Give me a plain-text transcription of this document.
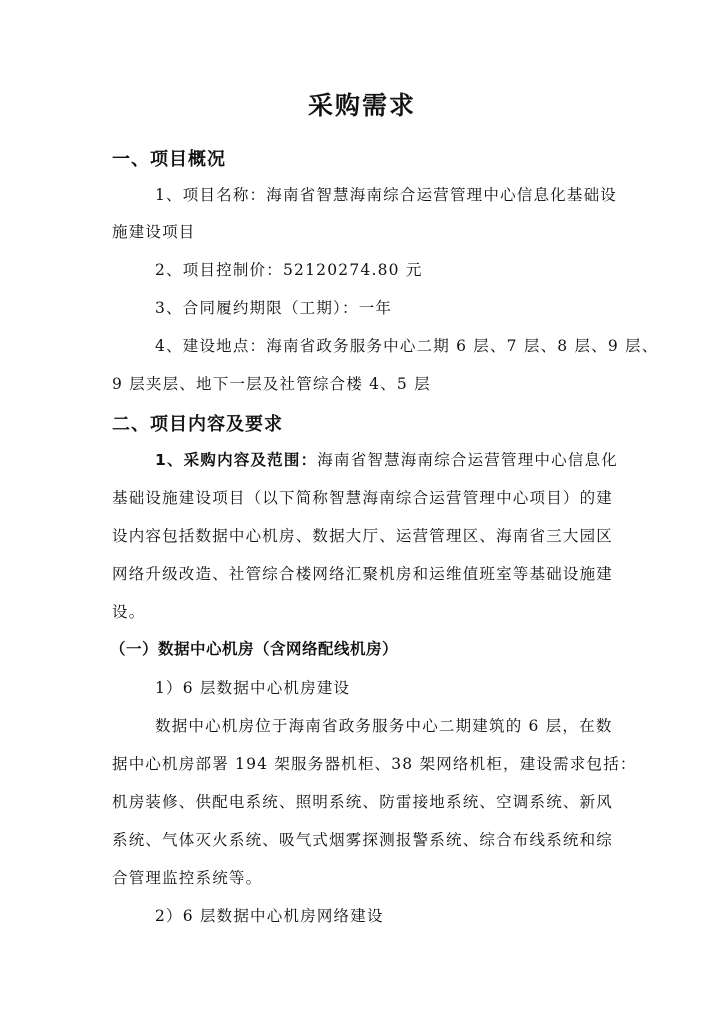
采购需求
一、项目概况
1、项目名称：海南省智慧海南综合运营管理中心信息化基础设
施建设项目
2、项目控制价：52120274.80 元
3、合同履约期限（工期）：一年
4、建设地点：海南省政务服务中心二期 6 层、7 层、8 层、9 层、
9 层夹层、地下一层及社管综合楼 4、5 层
二、项目内容及要求
1、采购内容及范围：海南省智慧海南综合运营管理中心信息化
基础设施建设项目（以下简称智慧海南综合运营管理中心项目）的建
设内容包括数据中心机房、数据大厅、运营管理区、海南省三大园区
网络升级改造、社管综合楼网络汇聚机房和运维值班室等基础设施建
设。
（一）数据中心机房（含网络配线机房）
1）6 层数据中心机房建设
数据中心机房位于海南省政务服务中心二期建筑的 6 层，在数
据中心机房部署 194 架服务器机柜、38 架网络机柜，建设需求包括：
机房装修、供配电系统、照明系统、防雷接地系统、空调系统、新风
系统、气体灭火系统、吸气式烟雾探测报警系统、综合布线系统和综
合管理监控系统等。
2）6 层数据中心机房网络建设
